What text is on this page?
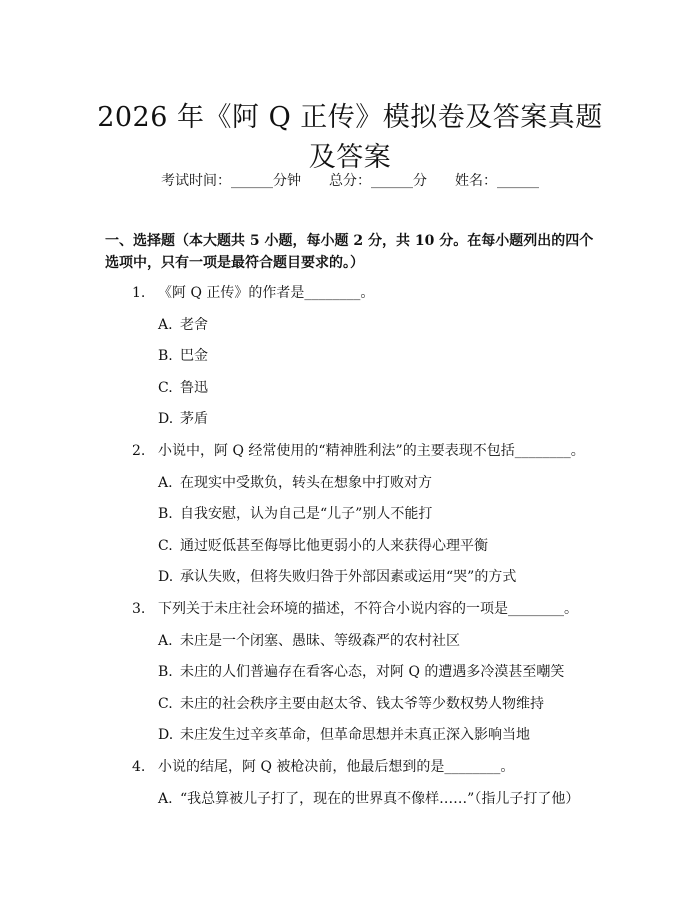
2026 年《阿 Q 正传》模拟卷及答案真题及答案
考试时间：______分钟 总分：______分 姓名：______
一、选择题（本大题共 5 小题，每小题 2 分，共 10 分。在每小题列出的四个选项中，只有一项是最符合题目要求的。）
1. 《阿 Q 正传》的作者是________。
A. 老舍
B. 巴金
C. 鲁迅
D. 茅盾
2. 小说中，阿 Q 经常使用的“精神胜利法”的主要表现不包括________。
A. 在现实中受欺负，转头在想象中打败对方
B. 自我安慰，认为自己是“儿子”别人不能打
C. 通过贬低甚至侮辱比他更弱小的人来获得心理平衡
D. 承认失败，但将失败归咎于外部因素或运用“哭”的方式
3. 下列关于未庄社会环境的描述，不符合小说内容的一项是________。
A. 未庄是一个闭塞、愚昧、等级森严的农村社区
B. 未庄的人们普遍存在看客心态，对阿 Q 的遭遇多冷漠甚至嘲笑
C. 未庄的社会秩序主要由赵太爷、钱太爷等少数权势人物维持
D. 未庄发生过辛亥革命，但革命思想并未真正深入影响当地
4. 小说的结尾，阿 Q 被枪决前，他最后想到的是________。
A. “我总算被儿子打了，现在的世界真不像样……”（指儿子打了他）
